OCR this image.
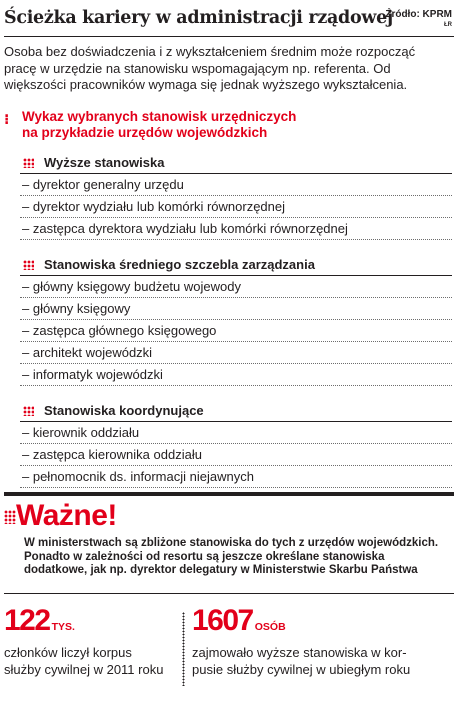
Ścieżka kariery w administracji rządowej
Źródło: KPRM
ŁR
Osoba bez doświadczenia i z wykształceniem średnim może rozpocząć pracę w urzędzie na stanowisku wspomagającym np. referenta. Od większości pracowników wymaga się jednak wyższego wykształcenia.
⁝ Wykaz wybranych stanowisk urzędniczych
na przykładzie urzędów wojewódzkich
Wyższe stanowiska
– dyrektor generalny urzędu
– dyrektor wydziału lub komórki równorzędnej
– zastępca dyrektora wydziału lub komórki równorzędnej
Stanowiska średniego szczebla zarządzania
– główny księgowy budżetu wojewody
– główny księgowy
– zastępca głównego księgowego
– architekt wojewódzki
– informatyk wojewódzki
Stanowiska koordynujące
– kierownik oddziału
– zastępca kierownika oddziału
– pełnomocnik ds. informacji niejawnych
Ważne!
W ministerstwach są zbliżone stanowiska do tych z urzędów wojewódzkich. Ponadto w zależności od resortu są jeszcze określane stanowiska dodatkowe, jak np. dyrektor delegatury w Ministerstwie Skarbu Państwa
122 TYS.
członków liczył korpus
służby cywilnej w 2011 roku
1607 OSÓB
zajmowało wyższe stanowiska w kor-
pusie służby cywilnej w ubiegłym roku
